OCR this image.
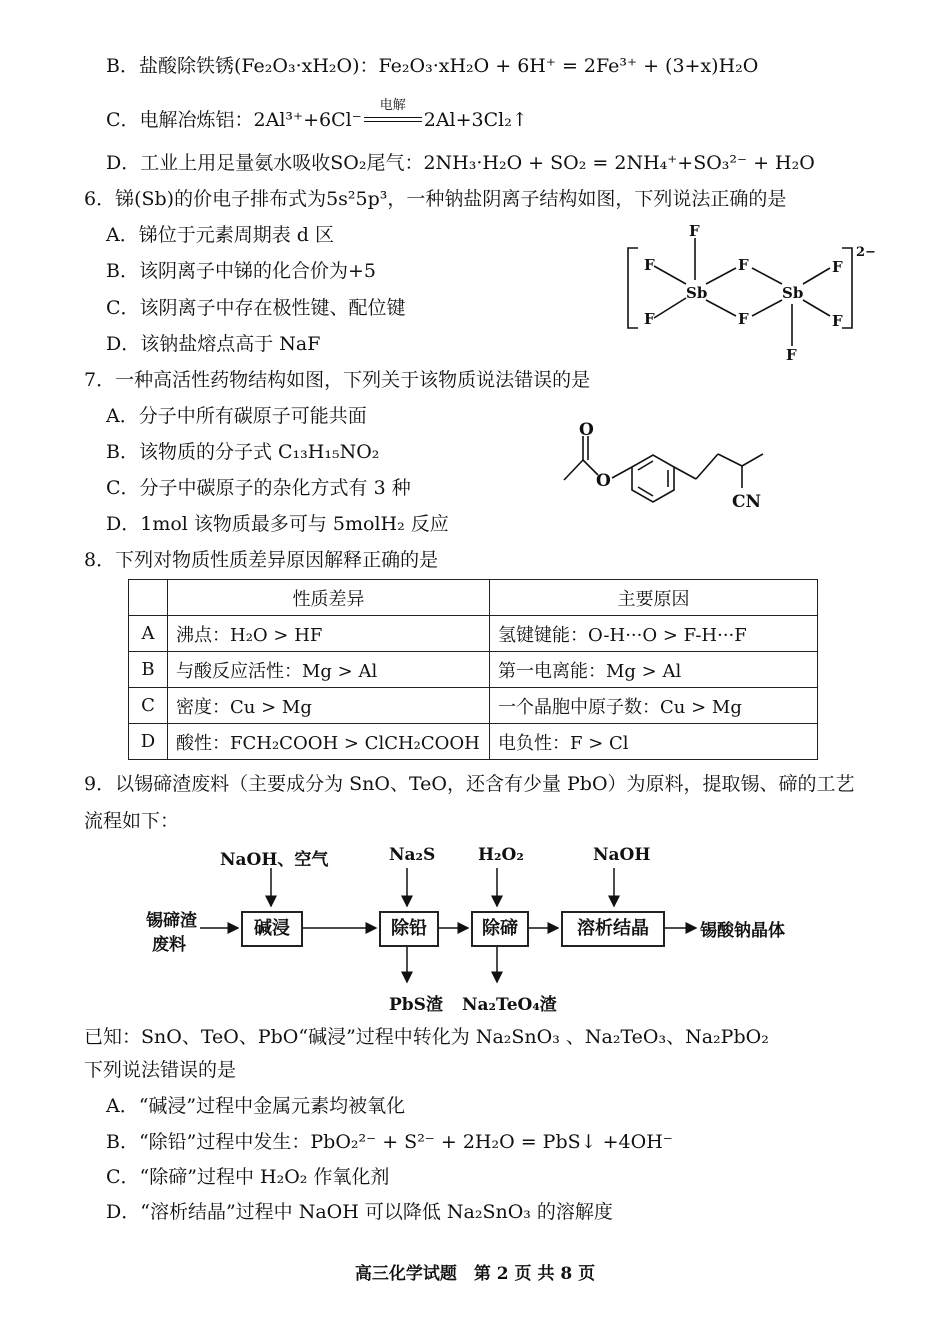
B．盐酸除铁锈(Fe₂O₃·xH₂O)：Fe₂O₃·xH₂O + 6H⁺ = 2Fe³⁺ + (3+x)H₂O
C．电解冶炼铝：2Al³⁺+6Cl⁻
电解
2Al+3Cl₂↑
D．工业上用足量氨水吸收SO₂尾气：2NH₃·H₂O + SO₂ = 2NH₄⁺+SO₃²⁻ + H₂O
6．锑(Sb)的价电子排布式为5s²5p³，一种钠盐阴离子结构如图，下列说法正确的是
A．锑位于元素周期表 d 区
B．该阴离子中锑的化合价为+5
C．该阴离子中存在极性键、配位键
D．该钠盐熔点高于 NaF
F
F
F
F
F
F
F
F
Sb	Sb
2−
7．一种高活性药物结构如图，下列关于该物质说法错误的是
A．分子中所有碳原子可能共面
B．该物质的分子式 C₁₃H₁₅NO₂
C．分子中碳原子的杂化方式有 3 种
D．1mol 该物质最多可与 5molH₂ 反应
O
O
CN
8．下列对物质性质差异原因解释正确的是
	性质差异	主要原因
A	沸点：H₂O > HF	氢键键能：O-H···O > F-H···F
B	与酸反应活性：Mg > Al	第一电离能：Mg > Al
C	密度：Cu > Mg	一个晶胞中原子数：Cu > Mg
D	酸性：FCH₂COOH > ClCH₂COOH	电负性：F > Cl
9．以锡碲渣废料（主要成分为 SnO、TeO，还含有少量 PbO）为原料，提取锡、碲的工艺
流程如下：
锡碲渣
废料
碱浸	除铅	除碲	溶析结晶	锡酸钠晶体
NaOH、空气	Na₂S	H₂O₂	NaOH
PbS渣 Na₂TeO₄渣
已知：SnO、TeO、PbO“碱浸”过程中转化为 Na₂SnO₃ 、Na₂TeO₃、Na₂PbO₂
下列说法错误的是
A．“碱浸”过程中金属元素均被氧化
B．“除铅”过程中发生：PbO₂²⁻ + S²⁻ + 2H₂O = PbS↓ +4OH⁻
C．“除碲”过程中 H₂O₂ 作氧化剂
D．“溶析结晶”过程中 NaOH 可以降低 Na₂SnO₃ 的溶解度
高三化学试题　第 2 页 共 8 页
